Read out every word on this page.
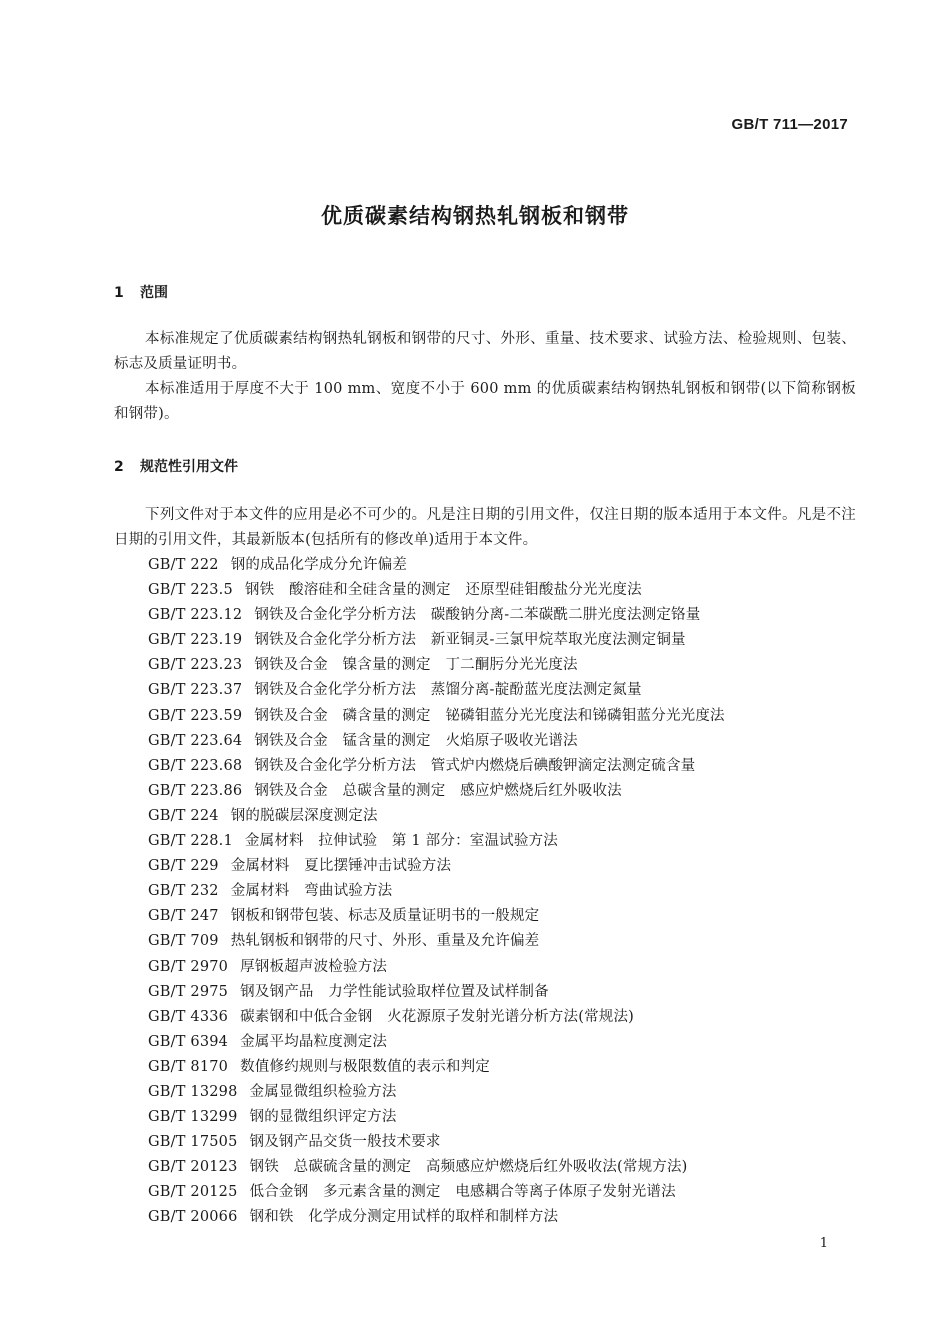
GB/T 711—2017
优质碳素结构钢热轧钢板和钢带
1 范围
本标准规定了优质碳素结构钢热轧钢板和钢带的尺寸、外形、重量、技术要求、试验方法、检验规则、包装、标志及质量证明书。
本标准适用于厚度不大于 100 mm、宽度不小于 600 mm 的优质碳素结构钢热轧钢板和钢带(以下简称钢板和钢带)。
2 规范性引用文件
下列文件对于本文件的应用是必不可少的。凡是注日期的引用文件，仅注日期的版本适用于本文件。凡是不注日期的引用文件，其最新版本(包括所有的修改单)适用于本文件。
GB/T 222 钢的成品化学成分允许偏差
GB/T 223.5 钢铁　酸溶硅和全硅含量的测定　还原型硅钼酸盐分光光度法
GB/T 223.12 钢铁及合金化学分析方法　碳酸钠分离-二苯碳酰二肼光度法测定铬量
GB/T 223.19 钢铁及合金化学分析方法　新亚铜灵-三氯甲烷萃取光度法测定铜量
GB/T 223.23 钢铁及合金　镍含量的测定　丁二酮肟分光光度法
GB/T 223.37 钢铁及合金化学分析方法　蒸馏分离-靛酚蓝光度法测定氮量
GB/T 223.59 钢铁及合金　磷含量的测定　铋磷钼蓝分光光度法和锑磷钼蓝分光光度法
GB/T 223.64 钢铁及合金　锰含量的测定　火焰原子吸收光谱法
GB/T 223.68 钢铁及合金化学分析方法　管式炉内燃烧后碘酸钾滴定法测定硫含量
GB/T 223.86 钢铁及合金　总碳含量的测定　感应炉燃烧后红外吸收法
GB/T 224 钢的脱碳层深度测定法
GB/T 228.1 金属材料　拉伸试验　第 1 部分：室温试验方法
GB/T 229 金属材料　夏比摆锤冲击试验方法
GB/T 232 金属材料　弯曲试验方法
GB/T 247 钢板和钢带包装、标志及质量证明书的一般规定
GB/T 709 热轧钢板和钢带的尺寸、外形、重量及允许偏差
GB/T 2970 厚钢板超声波检验方法
GB/T 2975 钢及钢产品　力学性能试验取样位置及试样制备
GB/T 4336 碳素钢和中低合金钢　火花源原子发射光谱分析方法(常规法)
GB/T 6394 金属平均晶粒度测定法
GB/T 8170 数值修约规则与极限数值的表示和判定
GB/T 13298 金属显微组织检验方法
GB/T 13299 钢的显微组织评定方法
GB/T 17505 钢及钢产品交货一般技术要求
GB/T 20123 钢铁　总碳硫含量的测定　高频感应炉燃烧后红外吸收法(常规方法)
GB/T 20125 低合金钢　多元素含量的测定　电感耦合等离子体原子发射光谱法
GB/T 20066 钢和铁　化学成分测定用试样的取样和制样方法
1
